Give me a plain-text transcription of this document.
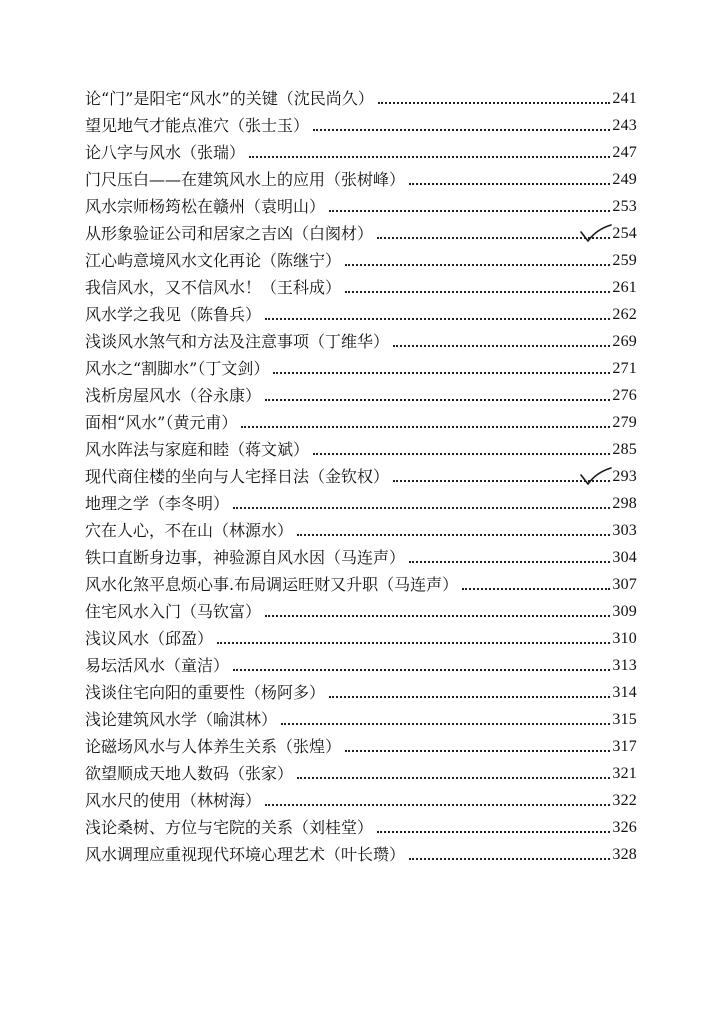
论“门”是阳宅“风水”的关键（沈民尚久）	241
望见地气才能点准穴（张士玉）	243
论八字与风水（张瑞）	247
门尺压白——在建筑风水上的应用（张树峰）	249
风水宗师杨筠松在赣州（袁明山）	253
从形象验证公司和居家之吉凶（白阂材）	254
江心屿意境风水文化再论（陈继宁）	259
我信风水，又不信风水！（王科成）	261
风水学之我见（陈鲁兵）	262
浅谈风水煞气和方法及注意事项（丁维华）	269
风水之“割脚水”（丁文剑）	271
浅析房屋风水（谷永康）	276
面相“风水”（黄元甫）	279
风水阵法与家庭和睦（蒋文斌）	285
现代商住楼的坐向与人宅择日法（金钦权）	293
地理之学（李冬明）	298
穴在人心，不在山（林源水）	303
铁口直断身边事，神验源自风水因（马连声）	304
风水化煞平息烦心事.布局调运旺财又升职（马连声）	307
住宅风水入门（马钦富）	309
浅议风水（邱盈）	310
易坛活风水（童洁）	313
浅谈住宅向阳的重要性（杨阿多）	314
浅论建筑风水学（喻淇林）	315
论磁场风水与人体养生关系（张煌）	317
欲望顺成天地人数码（张家）	321
风水尺的使用（林树海）	322
浅论桑树、方位与宅院的关系（刘桂堂）	326
风水调理应重视现代环境心理艺术（叶长瓒）	328
